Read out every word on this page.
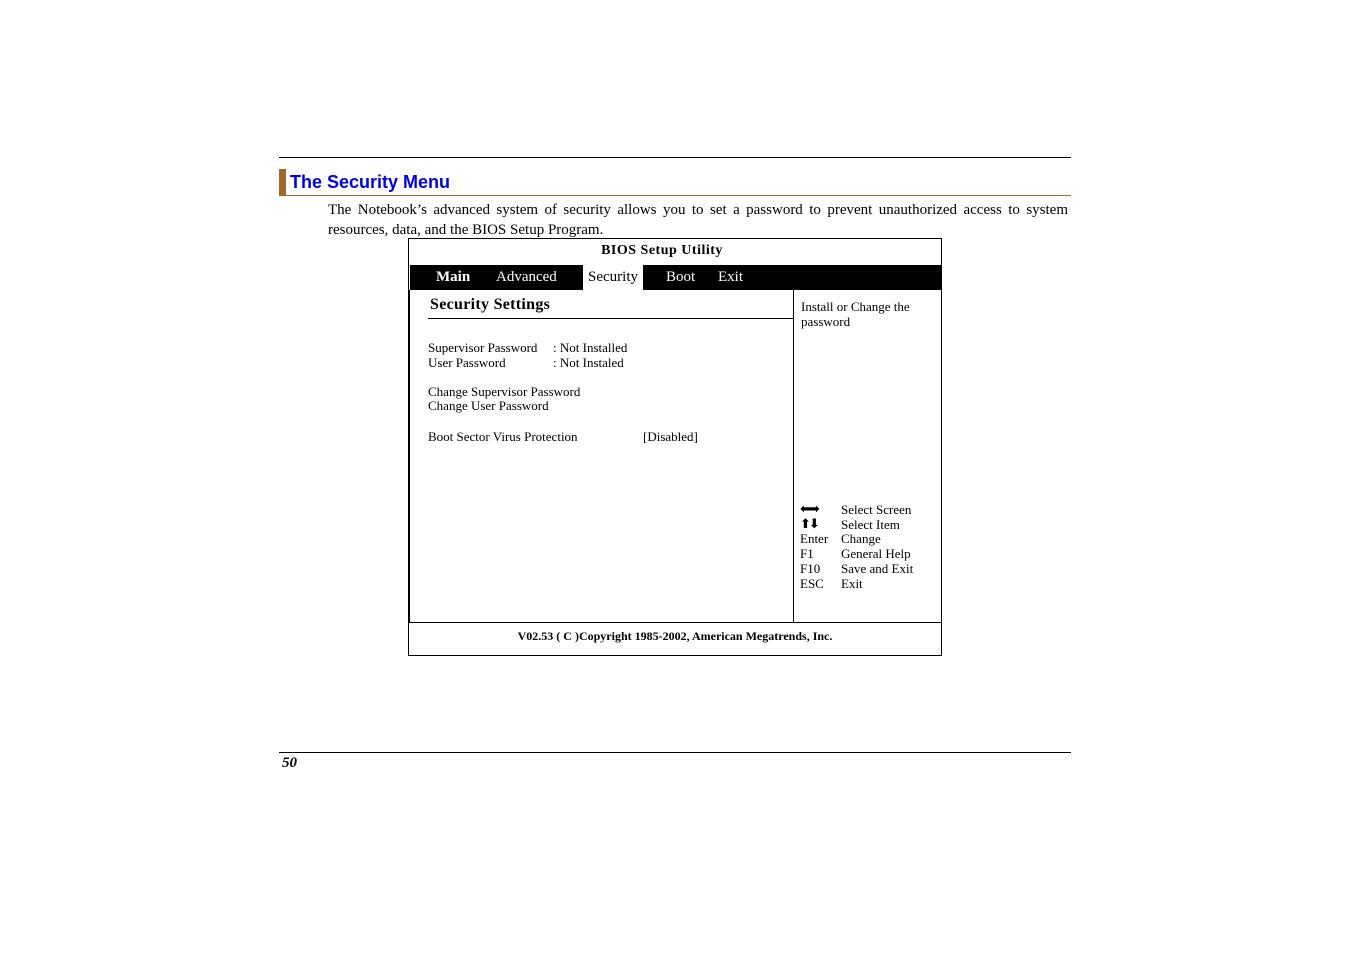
The Security Menu
The Notebook’s advanced system of security allows you to set a password to prevent unauthorized access to system resources, data, and the BIOS Setup Program.
BIOS Setup Utility
Main Advanced	Security	Boot Exit
Security Settings
Supervisor Password : Not Installed
User Password	: Not Instaled
Change Supervisor Password
Change User Password
Boot Sector Virus Protection	[Disabled]
Install or Change the password
⬅➡ Select Screen
⬆⬇ Select Item
Enter Change
F1 General Help
F10 Save and Exit
ESC Exit
V02.53 ( C )Copyright 1985-2002, American Megatrends, Inc.
50
